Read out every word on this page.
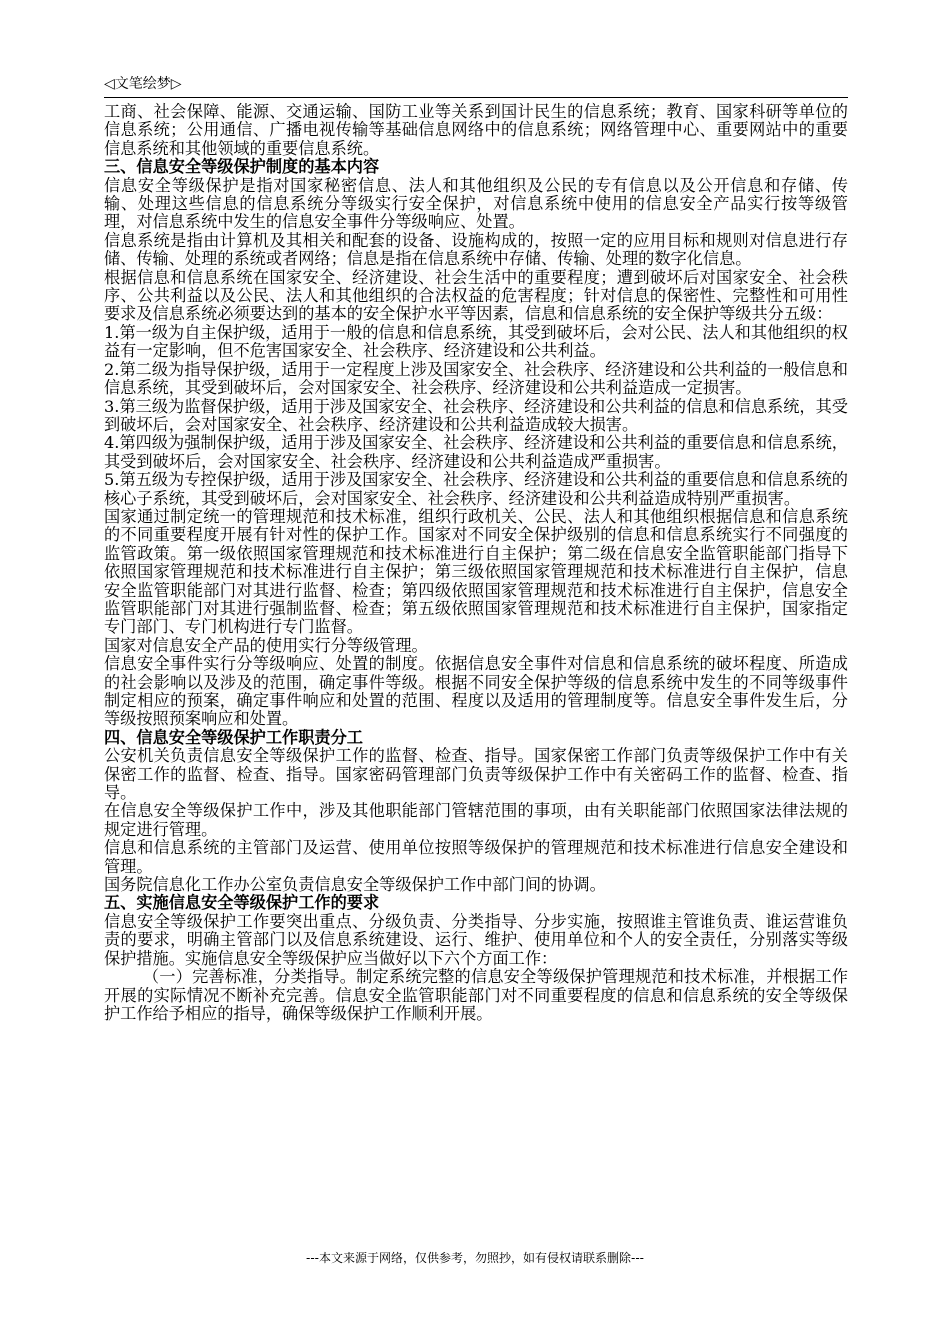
◁文笔绘梦▷

工商、社会保障、能源、交通运输、国防工业等关系到国计民生的信息系统；教育、国家科研等单位的信息系统；公用通信、广播电视传输等基础信息网络中的信息系统；网络管理中心、重要网站中的重要信息系统和其他领域的重要信息系统。

三、信息安全等级保护制度的基本内容

信息安全等级保护是指对国家秘密信息、法人和其他组织及公民的专有信息以及公开信息和存储、传输、处理这些信息的信息系统分等级实行安全保护，对信息系统中使用的信息安全产品实行按等级管理，对信息系统中发生的信息安全事件分等级响应、处置。

信息系统是指由计算机及其相关和配套的设备、设施构成的，按照一定的应用目标和规则对信息进行存储、传输、处理的系统或者网络；信息是指在信息系统中存储、传输、处理的数字化信息。

根据信息和信息系统在国家安全、经济建设、社会生活中的重要程度；遭到破坏后对国家安全、社会秩序、公共利益以及公民、法人和其他组织的合法权益的危害程度；针对信息的保密性、完整性和可用性要求及信息系统必须要达到的基本的安全保护水平等因素，信息和信息系统的安全保护等级共分五级：

1.第一级为自主保护级，适用于一般的信息和信息系统，其受到破坏后，会对公民、法人和其他组织的权益有一定影响，但不危害国家安全、社会秩序、经济建设和公共利益。

2.第二级为指导保护级，适用于一定程度上涉及国家安全、社会秩序、经济建设和公共利益的一般信息和信息系统，其受到破坏后，会对国家安全、社会秩序、经济建设和公共利益造成一定损害。

3.第三级为监督保护级，适用于涉及国家安全、社会秩序、经济建设和公共利益的信息和信息系统，其受到破坏后，会对国家安全、社会秩序、经济建设和公共利益造成较大损害。

4.第四级为强制保护级，适用于涉及国家安全、社会秩序、经济建设和公共利益的重要信息和信息系统，其受到破坏后，会对国家安全、社会秩序、经济建设和公共利益造成严重损害。

5.第五级为专控保护级，适用于涉及国家安全、社会秩序、经济建设和公共利益的重要信息和信息系统的核心子系统，其受到破坏后，会对国家安全、社会秩序、经济建设和公共利益造成特别严重损害。

国家通过制定统一的管理规范和技术标准，组织行政机关、公民、法人和其他组织根据信息和信息系统的不同重要程度开展有针对性的保护工作。国家对不同安全保护级别的信息和信息系统实行不同强度的监管政策。第一级依照国家管理规范和技术标准进行自主保护；第二级在信息安全监管职能部门指导下依照国家管理规范和技术标准进行自主保护；第三级依照国家管理规范和技术标准进行自主保护，信息安全监管职能部门对其进行监督、检查；第四级依照国家管理规范和技术标准进行自主保护，信息安全监管职能部门对其进行强制监督、检查；第五级依照国家管理规范和技术标准进行自主保护，国家指定专门部门、专门机构进行专门监督。

国家对信息安全产品的使用实行分等级管理。

信息安全事件实行分等级响应、处置的制度。依据信息安全事件对信息和信息系统的破坏程度、所造成的社会影响以及涉及的范围，确定事件等级。根据不同安全保护等级的信息系统中发生的不同等级事件制定相应的预案，确定事件响应和处置的范围、程度以及适用的管理制度等。信息安全事件发生后，分等级按照预案响应和处置。

四、信息安全等级保护工作职责分工

公安机关负责信息安全等级保护工作的监督、检查、指导。国家保密工作部门负责等级保护工作中有关保密工作的监督、检查、指导。国家密码管理部门负责等级保护工作中有关密码工作的监督、检查、指导。

在信息安全等级保护工作中，涉及其他职能部门管辖范围的事项，由有关职能部门依照国家法律法规的规定进行管理。

信息和信息系统的主管部门及运营、使用单位按照等级保护的管理规范和技术标准进行信息安全建设和管理。

国务院信息化工作办公室负责信息安全等级保护工作中部门间的协调。

五、实施信息安全等级保护工作的要求

信息安全等级保护工作要突出重点、分级负责、分类指导、分步实施，按照谁主管谁负责、谁运营谁负责的要求，明确主管部门以及信息系统建设、运行、维护、使用单位和个人的安全责任，分别落实等级保护措施。实施信息安全等级保护应当做好以下六个方面工作：

（一）完善标准，分类指导。制定系统完整的信息安全等级保护管理规范和技术标准，并根据工作开展的实际情况不断补充完善。信息安全监管职能部门对不同重要程度的信息和信息系统的安全等级保护工作给予相应的指导，确保等级保护工作顺利开展。

---本文来源于网络，仅供参考，勿照抄，如有侵权请联系删除---
